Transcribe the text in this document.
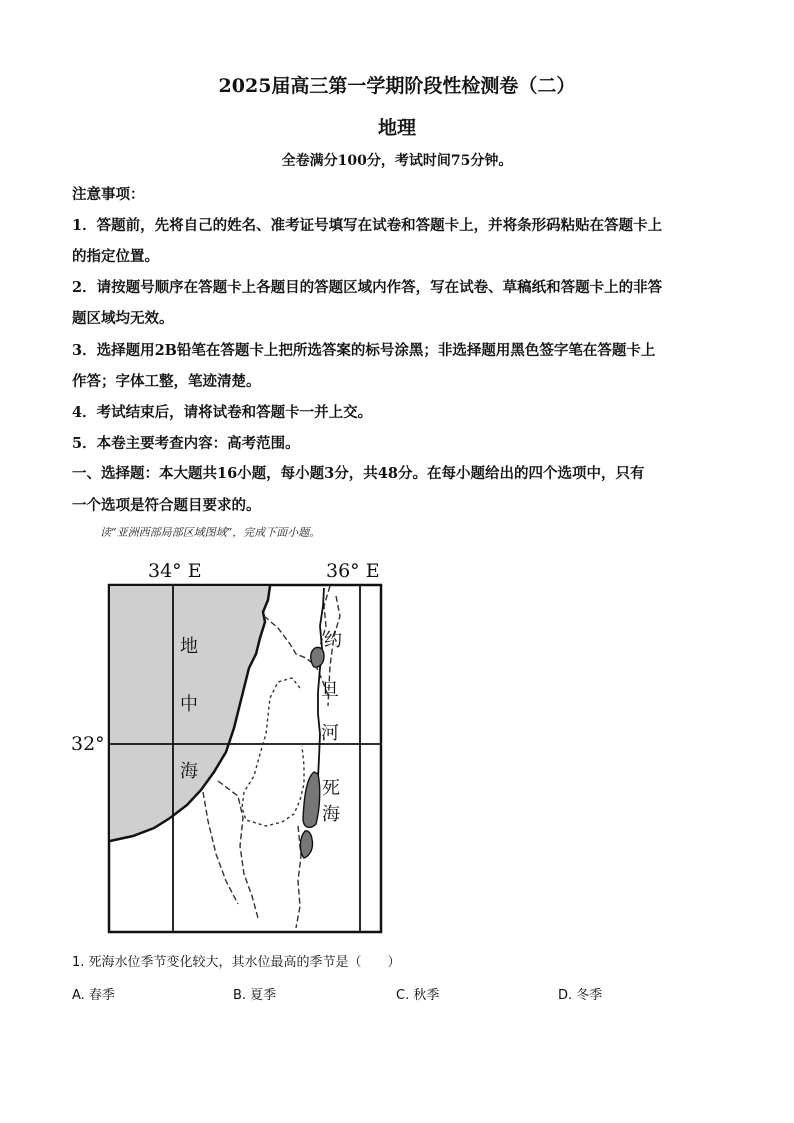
2025届高三第一学期阶段性检测卷（二）
地理
全卷满分100分，考试时间75分钟。
注意事项：
1．答题前，先将自己的姓名、准考证号填写在试卷和答题卡上，并将条形码粘贴在答题卡上
的指定位置。
2．请按题号顺序在答题卡上各题目的答题区域内作答，写在试卷、草稿纸和答题卡上的非答
题区域均无效。
3．选择题用2B铅笔在答题卡上把所选答案的标号涂黑；非选择题用黑色签字笔在答题卡上
作答；字体工整，笔迹清楚。
4．考试结束后，请将试卷和答题卡一并上交。
5．本卷主要考查内容：高考范围。
一、选择题：本大题共16小题，每小题3分，共48分。在每小题给出的四个选项中，只有
一个选项是符合题目要求的。
读“亚洲西部局部区域图域”，完成下面小题。
34° E	36° E
32°
地
中
海
约
旦
河
死
海
1. 死海水位季节变化较大，其水位最高的季节是（　　）
A. 春季	B. 夏季	C. 秋季	D. 冬季
